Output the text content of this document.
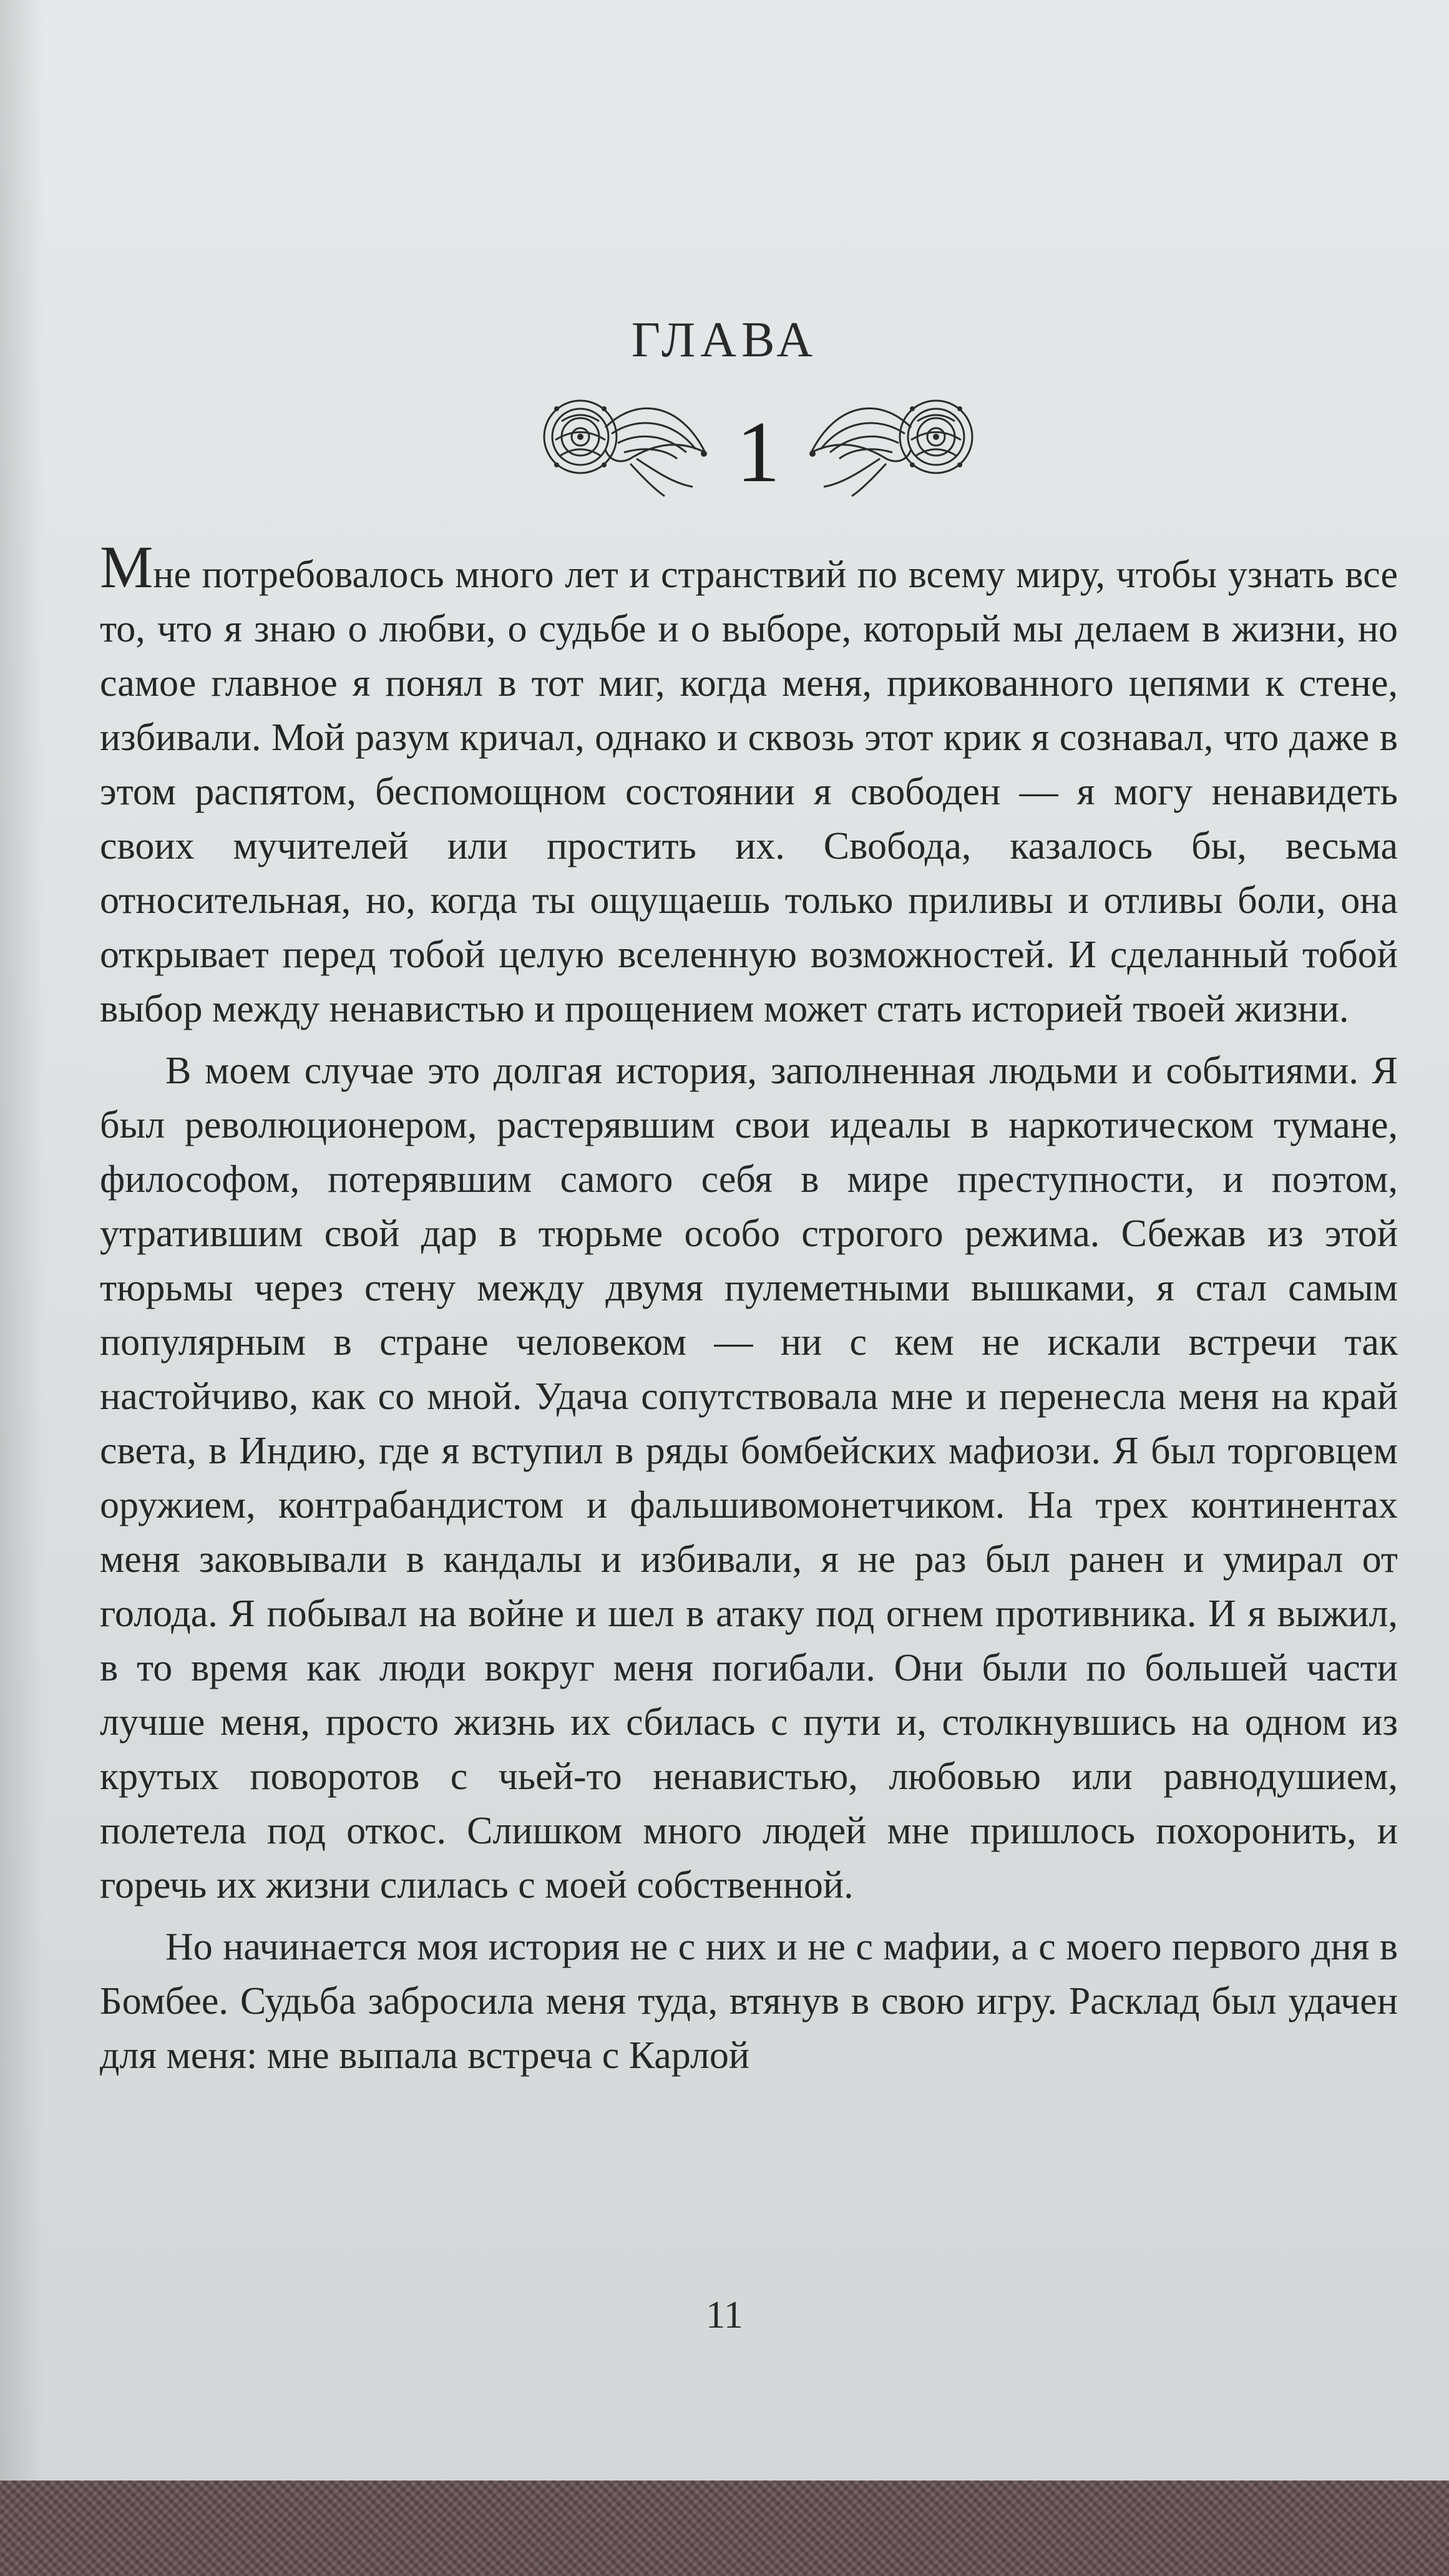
ГЛАВА
1

Мне потребовалось много лет и странствий по всему миру, чтобы узнать все то, что я знаю о любви, о судьбе и о выборе, который мы делаем в жизни, но самое главное я понял в тот миг, когда меня, прикованного цепями к стене, избивали. Мой разум кричал, однако и сквозь этот крик я сознавал, что даже в этом распятом, беспомощном состоянии я свободен — я могу ненавидеть своих мучителей или простить их. Свобода, казалось бы, весьма относительная, но, когда ты ощущаешь только приливы и отливы боли, она открывает перед тобой целую вселенную возможностей. И сделанный тобой выбор между ненавистью и прощением может стать историей твоей жизни.

В моем случае это долгая история, заполненная людьми и событиями. Я был революционером, растерявшим свои идеалы в наркотическом тумане, философом, потерявшим самого себя в мире преступности, и поэтом, утратившим свой дар в тюрьме особо строгого режима. Сбежав из этой тюрьмы через стену между двумя пулеметными вышками, я стал самым популярным в стране человеком — ни с кем не искали встречи так настойчиво, как со мной. Удача сопутствовала мне и перенесла меня на край света, в Индию, где я вступил в ряды бомбейских мафиози. Я был торговцем оружием, контрабандистом и фальшивомонетчиком. На трех континентах меня заковывали в кандалы и избивали, я не раз был ранен и умирал от голода. Я побывал на войне и шел в атаку под огнем противника. И я выжил, в то время как люди вокруг меня погибали. Они были по большей части лучше меня, просто жизнь их сбилась с пути и, столкнувшись на одном из крутых поворотов с чьей-то ненавистью, любовью или равнодушием, полетела под откос. Слишком много людей мне пришлось похоронить, и горечь их жизни слилась с моей собственной.

Но начинается моя история не с них и не с мафии, а с моего первого дня в Бомбее. Судьба забросила меня туда, втянув в свою игру. Расклад был удачен для меня: мне выпала встреча с Карлой

11
